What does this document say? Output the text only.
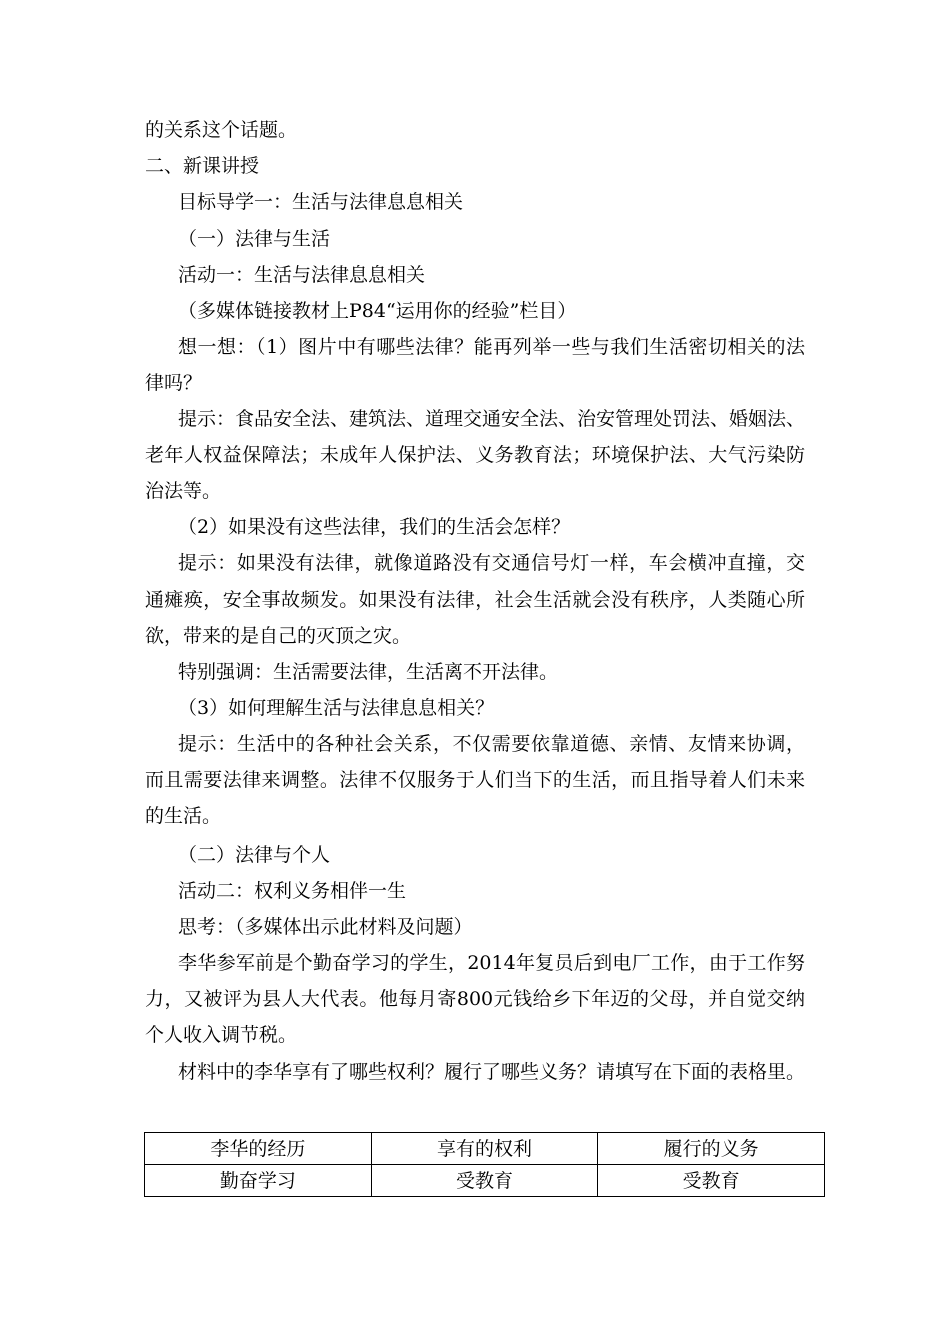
的关系这个话题。
二、新课讲授
目标导学一：生活与法律息息相关
（一）法律与生活
活动一：生活与法律息息相关
（多媒体链接教材上P84“运用你的经验”栏目）
想一想：（1）图片中有哪些法律？能再列举一些与我们生活密切相关的法
律吗？
提示：食品安全法、建筑法、道理交通安全法、治安管理处罚法、婚姻法、
老年人权益保障法；未成年人保护法、义务教育法；环境保护法、大气污染防
治法等。
（2）如果没有这些法律，我们的生活会怎样？
提示：如果没有法律，就像道路没有交通信号灯一样，车会横冲直撞，交
通瘫痪，安全事故频发。如果没有法律，社会生活就会没有秩序，人类随心所
欲，带来的是自己的灭顶之灾。
特别强调：生活需要法律，生活离不开法律。
（3）如何理解生活与法律息息相关？
提示：生活中的各种社会关系，不仅需要依靠道德、亲情、友情来协调，
而且需要法律来调整。法律不仅服务于人们当下的生活，而且指导着人们未来
的生活。
（二）法律与个人
活动二：权利义务相伴一生
思考：（多媒体出示此材料及问题）
李华参军前是个勤奋学习的学生，2014年复员后到电厂工作，由于工作努
力，又被评为县人大代表。他每月寄800元钱给乡下年迈的父母，并自觉交纳
个人收入调节税。
材料中的李华享有了哪些权利？履行了哪些义务？请填写在下面的表格里。
李华的经历	享有的权利	履行的义务
勤奋学习	受教育	受教育
